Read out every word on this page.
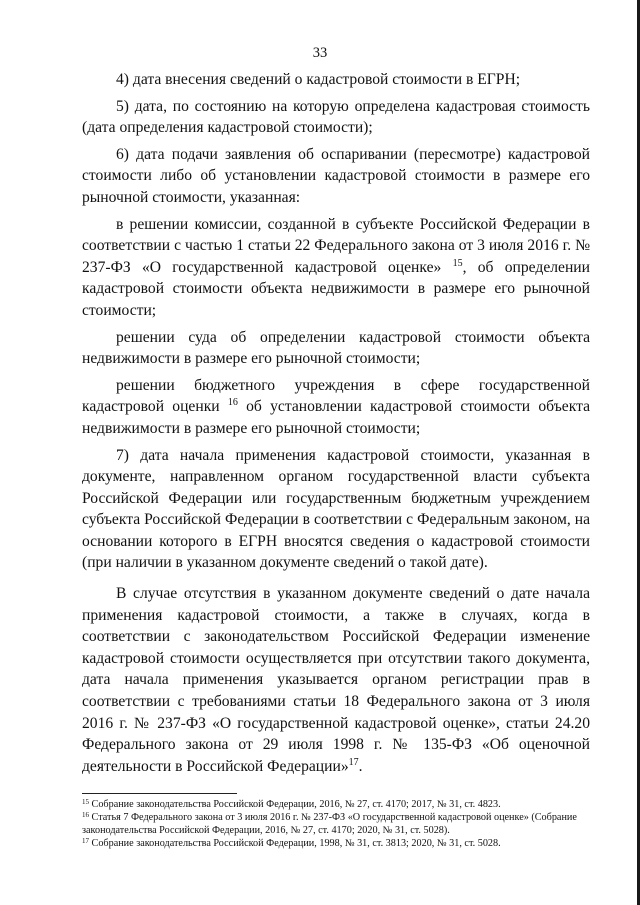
33

4) дата внесения сведений о кадастровой стоимости в ЕГРН;

5) дата, по состоянию на которую определена кадастровая стоимость (дата определения кадастровой стоимости);

6) дата подачи заявления об оспаривании (пересмотре) кадастровой стоимости либо об установлении кадастровой стоимости в размере его рыночной стоимости, указанная:

в решении комиссии, созданной в субъекте Российской Федерации в соответствии с частью 1 статьи 22 Федерального закона от 3 июля 2016 г. № 237-ФЗ «О государственной кадастровой оценке» $^{15}$, об определении кадастровой стоимости объекта недвижимости в размере его рыночной стоимости;

решении суда об определении кадастровой стоимости объекта недвижимости в размере его рыночной стоимости;

решении бюджетного учреждения в сфере государственной кадастровой оценки $^{16}$ об установлении кадастровой стоимости объекта недвижимости в размере его рыночной стоимости;

7) дата начала применения кадастровой стоимости, указанная в документе, направленном органом государственной власти субъекта Российской Федерации или государственным бюджетным учреждением субъекта Российской Федерации в соответствии с Федеральным законом, на основании которого в ЕГРН вносятся сведения о кадастровой стоимости (при наличии в указанном документе сведений о такой дате).

В случае отсутствия в указанном документе сведений о дате начала применения кадастровой стоимости, а также в случаях, когда в соответствии с законодательством Российской Федерации изменение кадастровой стоимости осуществляется при отсутствии такого документа, дата начала применения указывается органом регистрации прав в соответствии с требованиями статьи 18 Федерального закона от 3 июля 2016 г. № 237-ФЗ «О государственной кадастровой оценке», статьи 24.20 Федерального закона от 29 июля 1998 г. № 135-ФЗ «Об оценочной деятельности в Российской Федерации»$^{17}$.

$^{15}$ Собрание законодательства Российской Федерации, 2016, № 27, ст. 4170; 2017, № 31, ст. 4823.

$^{16}$ Статья 7 Федерального закона от 3 июля 2016 г. № 237-ФЗ «О государственной кадастровой оценке» (Собрание законодательства Российской Федерации, 2016, № 27, ст. 4170; 2020, № 31, ст. 5028).

$^{17}$ Собрание законодательства Российской Федерации, 1998, № 31, ст. 3813; 2020, № 31, ст. 5028.
